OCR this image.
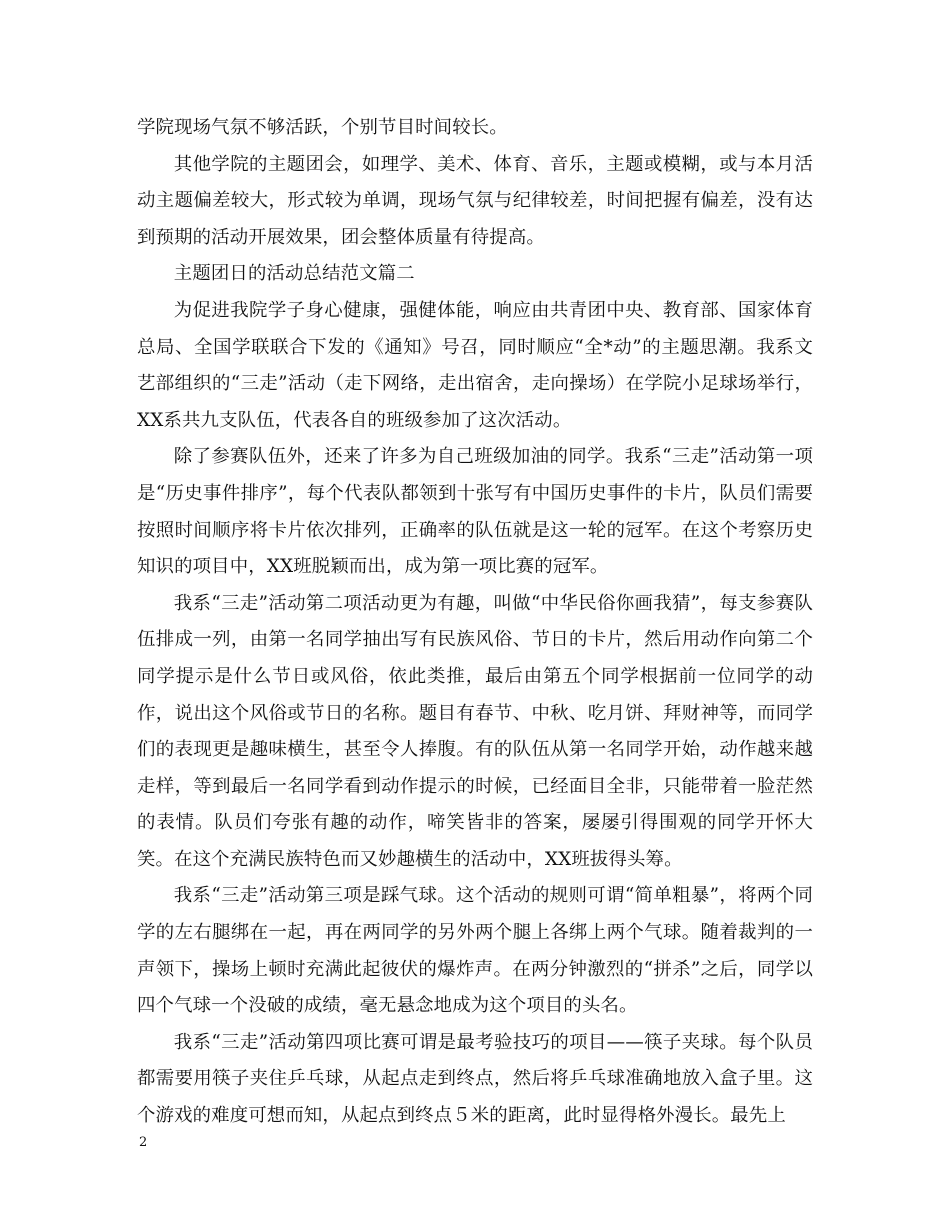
学院现场气氛不够活跃，个别节目时间较长。

其他学院的主题团会，如理学、美术、体育、音乐，主题或模糊，或与本月活动主题偏差较大，形式较为单调，现场气氛与纪律较差，时间把握有偏差，没有达到预期的活动开展效果，团会整体质量有待提高。

主题团日的活动总结范文篇二

为促进我院学子身心健康，强健体能，响应由共青团中央、教育部、国家体育总局、全国学联联合下发的《通知》号召，同时顺应“全*动”的主题思潮。我系文艺部组织的“三走”活动（走下网络，走出宿舍，走向操场）在学院小足球场举行，XX系共九支队伍，代表各自的班级参加了这次活动。

除了参赛队伍外，还来了许多为自己班级加油的同学。我系“三走”活动第一项是“历史事件排序”，每个代表队都领到十张写有中国历史事件的卡片，队员们需要按照时间顺序将卡片依次排列，正确率的队伍就是这一轮的冠军。在这个考察历史知识的项目中，XX班脱颖而出，成为第一项比赛的冠军。

我系“三走”活动第二项活动更为有趣，叫做“中华民俗你画我猜”，每支参赛队伍排成一列，由第一名同学抽出写有民族风俗、节日的卡片，然后用动作向第二个同学提示是什么节日或风俗，依此类推，最后由第五个同学根据前一位同学的动作，说出这个风俗或节日的名称。题目有春节、中秋、吃月饼、拜财神等，而同学们的表现更是趣味横生，甚至令人捧腹。有的队伍从第一名同学开始，动作越来越走样，等到最后一名同学看到动作提示的时候，已经面目全非，只能带着一脸茫然的表情。队员们夸张有趣的动作，啼笑皆非的答案，屡屡引得围观的同学开怀大笑。在这个充满民族特色而又妙趣横生的活动中，XX班拔得头筹。

我系“三走”活动第三项是踩气球。这个活动的规则可谓“简单粗暴”，将两个同学的左右腿绑在一起，再在两同学的另外两个腿上各绑上两个气球。随着裁判的一声领下，操场上顿时充满此起彼伏的爆炸声。在两分钟激烈的“拼杀”之后，同学以四个气球一个没破的成绩，毫无悬念地成为这个项目的头名。

我系“三走”活动第四项比赛可谓是最考验技巧的项目——筷子夹球。每个队员都需要用筷子夹住乒乓球，从起点走到终点，然后将乒乓球准确地放入盒子里。这个游戏的难度可想而知，从起点到终点５米的距离，此时显得格外漫长。最先上

2
